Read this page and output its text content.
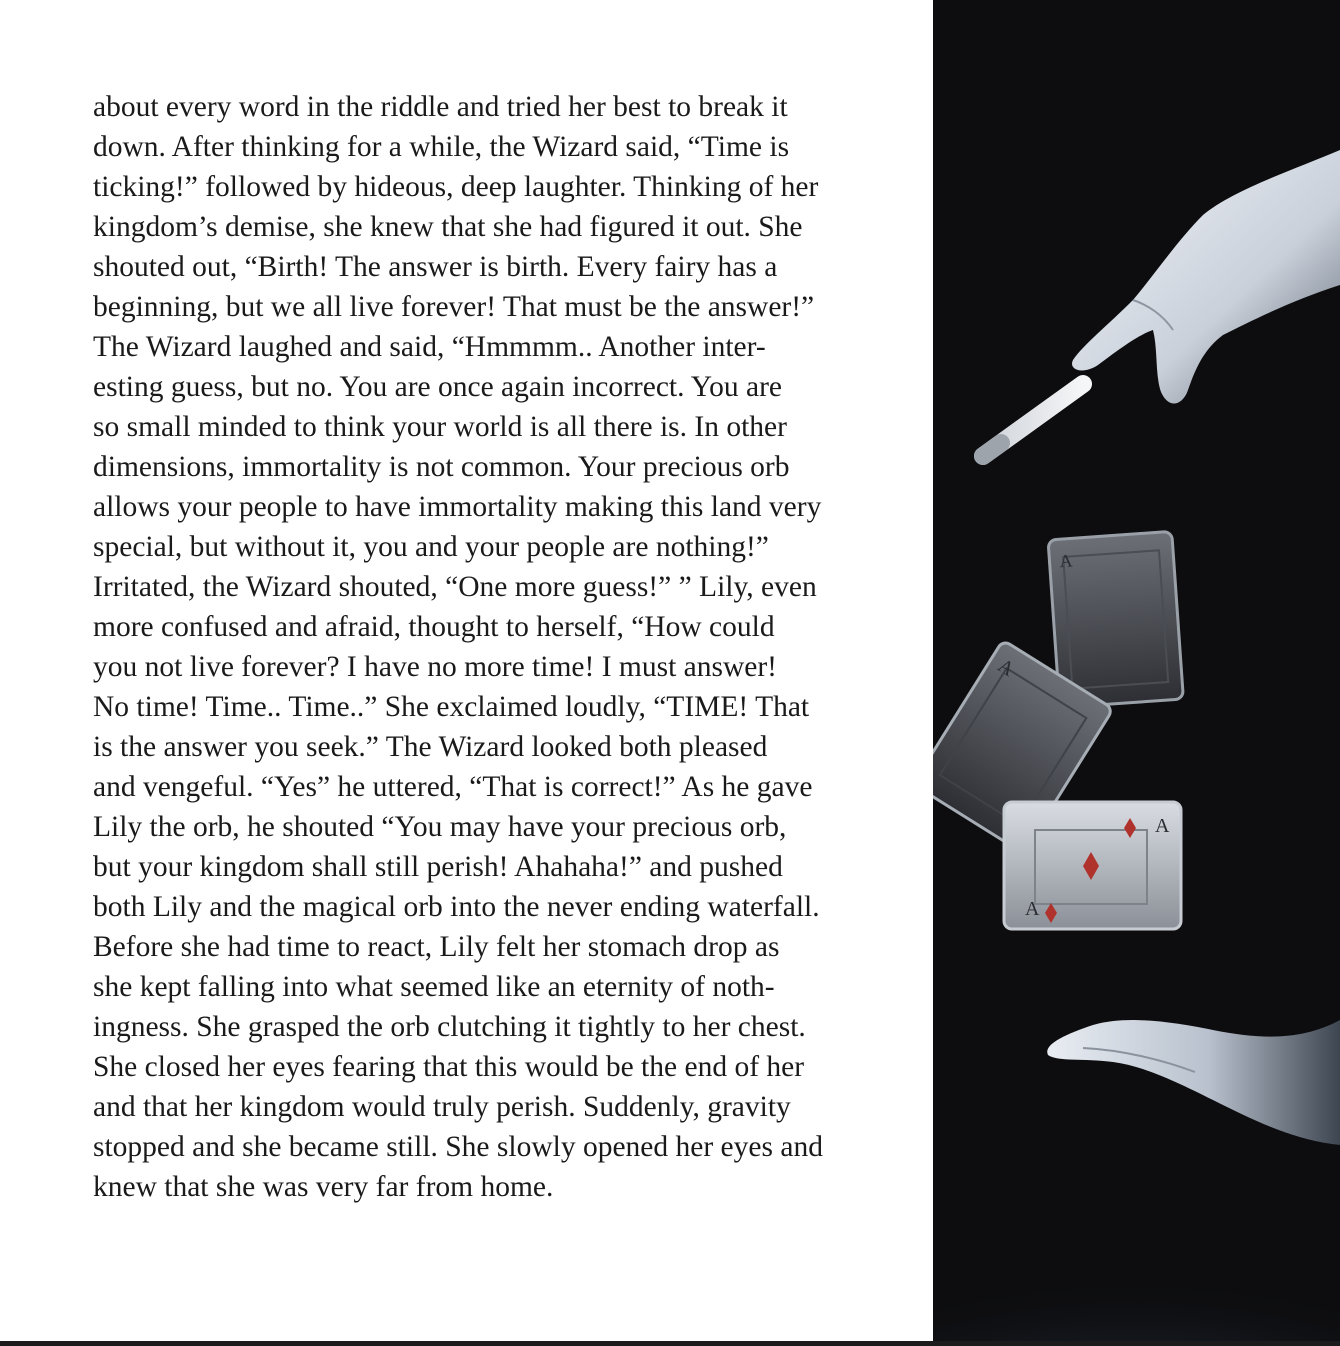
about every word in the riddle and tried her best to break it
down. After thinking for a while, the Wizard said, “Time is
ticking!” followed by hideous, deep laughter. Thinking of her
kingdom’s demise, she knew that she had figured it out. She
shouted out, “Birth! The answer is birth. Every fairy has a
beginning, but we all live forever! That must be the answer!”
The Wizard laughed and said, “Hmmmm.. Another inter-
esting guess, but no. You are once again incorrect. You are
so small minded to think your world is all there is. In other
dimensions, immortality is not common. Your precious orb
allows your people to have immortality making this land very
special, but without it, you and your people are nothing!”
Irritated, the Wizard shouted, “One more guess!” ” Lily, even
more confused and afraid, thought to herself, “How could
you not live forever? I have no more time! I must answer!
No time! Time.. Time..” She exclaimed loudly, “TIME! That
is the answer you seek.” The Wizard looked both pleased
and vengeful. “Yes” he uttered, “That is correct!” As he gave
Lily the orb, he shouted “You may have your precious orb,
but your kingdom shall still perish! Ahahaha!” and pushed
both Lily and the magical orb into the never ending waterfall.
Before she had time to react, Lily felt her stomach drop as
she kept falling into what seemed like an eternity of noth-
ingness. She grasped the orb clutching it tightly to her chest.
She closed her eyes fearing that this would be the end of her
and that her kingdom would truly perish. Suddenly, gravity
stopped and she became still. She slowly opened her eyes and
knew that she was very far from home.
A
A
A
A
